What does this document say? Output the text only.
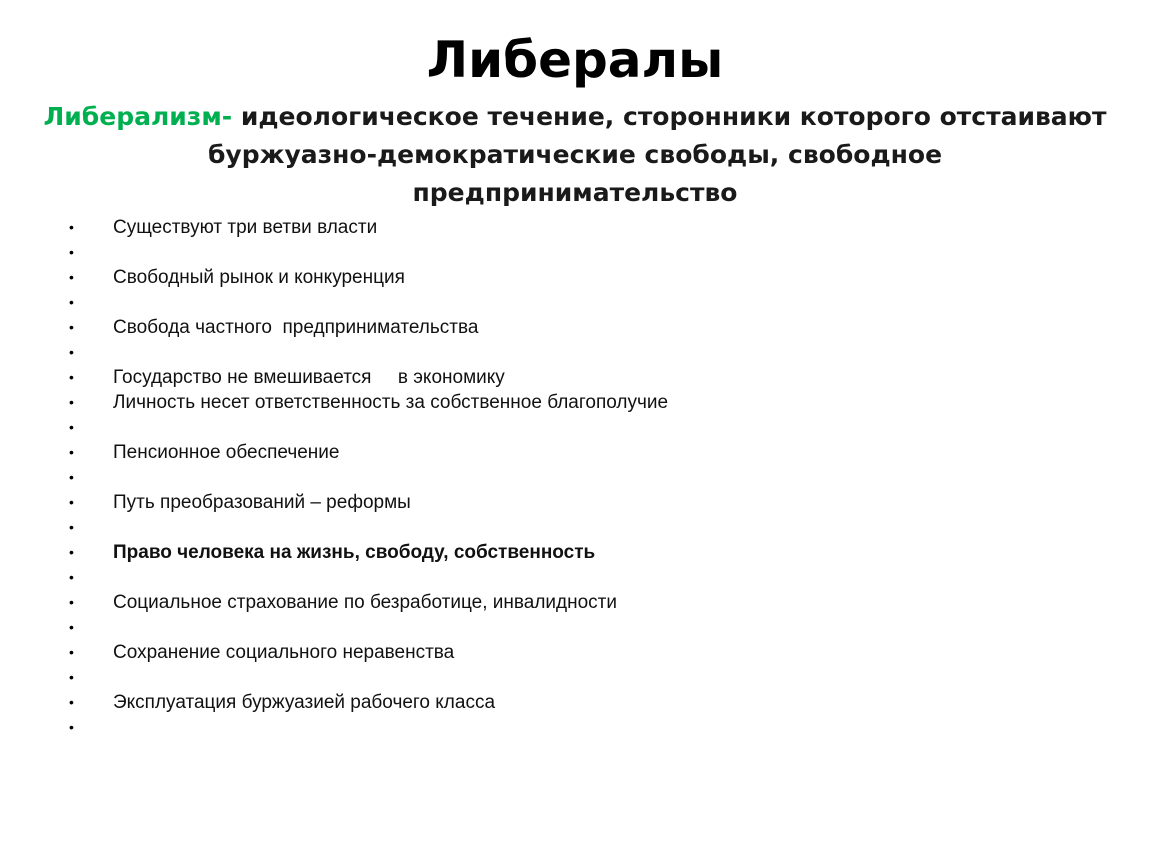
Либералы
Либерализм- идеологическое течение, сторонники которого отстаивают
буржуазно-демократические свободы, свободное
предпринимательство
• Существуют три ветви власти
•
• Свободный рынок и конкуренция
•
• Свобода частного  предпринимательства
•
• Государство не вмешивается     в экономику
• Личность несет ответственность за собственное благополучие
•
• Пенсионное обеспечение
•
• Путь преобразований – реформы
•
• Право человека на жизнь, свободу, собственность
•
• Социальное страхование по безработице, инвалидности
•
• Сохранение социального неравенства
•
• Эксплуатация буржуазией рабочего класса
•
